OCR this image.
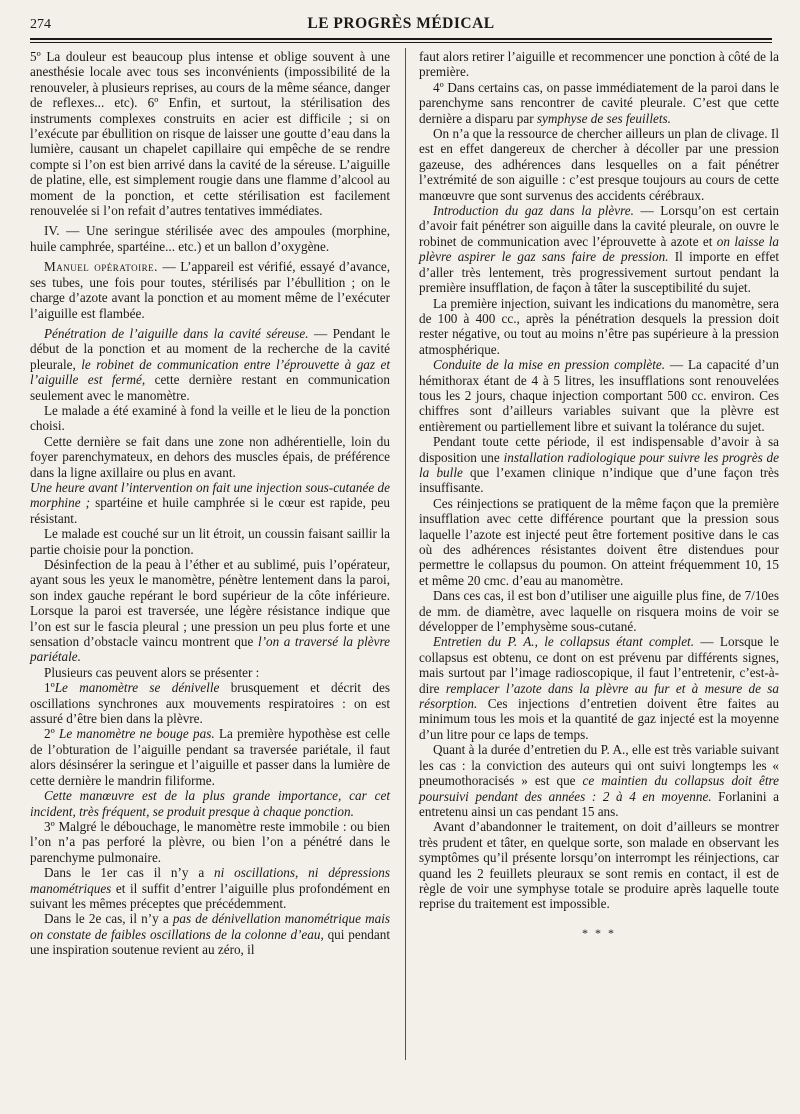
274	LE PROGRÈS MÉDICAL

5º La douleur est beaucoup plus intense et oblige souvent à une anesthésie locale avec tous ses inconvénients (impossibilité de la renouveler, à plusieurs reprises, au cours de la même séance, danger de reflexes... etc). 6º Enfin, et surtout, la stérilisation des instruments complexes construits en acier est difficile ; si on l’exécute par ébullition on risque de laisser une goutte d’eau dans la lumière, causant un chapelet capillaire qui empêche de se rendre compte si l’on est bien arrivé dans la cavité de la séreuse. L’aiguille de platine, elle, est simplement rougie dans une flamme d’alcool au moment de la ponction, et cette stérilisation est facilement renouvelée si l’on refait d’autres tentatives immédiates.

IV. — Une seringue stérilisée avec des ampoules (morphine, huile camphrée, spartéine... etc.) et un ballon d’oxygène.

Manuel opératoire. — L’appareil est vérifié, essayé d’avance, ses tubes, une fois pour toutes, stérilisés par l’ébullition ; on le charge d’azote avant la ponction et au moment même de l’exécuter l’aiguille est flambée.

Pénétration de l’aiguille dans la cavité séreuse. — Pendant le début de la ponction et au moment de la recherche de la cavité pleurale, le robinet de communication entre l’éprouvette à gaz et l’aiguille est fermé, cette dernière restant en communication seulement avec le manomètre.

Le malade a été examiné à fond la veille et le lieu de la ponction choisi.

Cette dernière se fait dans une zone non adhérentielle, loin du foyer parenchymateux, en dehors des muscles épais, de préférence dans la ligne axillaire ou plus en avant.

Une heure avant l’intervention on fait une injection sous-cutanée de morphine ; spartéine et huile camphrée si le cœur est rapide, peu résistant.

Le malade est couché sur un lit étroit, un coussin faisant saillir la partie choisie pour la ponction.

Désinfection de la peau à l’éther et au sublimé, puis l’opérateur, ayant sous les yeux le manomètre, pénètre lentement dans la paroi, son index gauche repérant le bord supérieur de la côte inférieure. Lorsque la paroi est traversée, une légère résistance indique que l’on est sur le fascia pleural ; une pression un peu plus forte et une sensation d’obstacle vaincu montrent que l’on a traversé la plèvre pariétale.

Plusieurs cas peuvent alors se présenter :

1ºLe manomètre se dénivelle brusquement et décrit des oscillations synchrones aux mouvements respiratoires : on est assuré d’être bien dans la plèvre.

2º Le manomètre ne bouge pas. La première hypothèse est celle de l’obturation de l’aiguille pendant sa traversée pariétale, il faut alors désinsérer la seringue et l’aiguille et passer dans la lumière de cette dernière le mandrin filiforme.

Cette manœuvre est de la plus grande importance, car cet incident, très fréquent, se produit presque à chaque ponction.

3º Malgré le débouchage, le manomètre reste immobile : ou bien l’on n’a pas perforé la plèvre, ou bien l’on a pénétré dans le parenchyme pulmonaire.

Dans le 1er cas il n’y a ni oscillations, ni dépressions manométriques et il suffit d’entrer l’aiguille plus profondément en suivant les mêmes préceptes que précédemment.

Dans le 2e cas, il n’y a pas de dénivellation manométrique mais on constate de faibles oscillations de la colonne d’eau, qui pendant une inspiration soutenue revient au zéro, il

faut alors retirer l’aiguille et recommencer une ponction à côté de la première.

4º Dans certains cas, on passe immédiatement de la paroi dans le parenchyme sans rencontrer de cavité pleurale. C’est que cette dernière a disparu par symphyse de ses feuillets.

On n’a que la ressource de chercher ailleurs un plan de clivage. Il est en effet dangereux de chercher à décoller par une pression gazeuse, des adhérences dans lesquelles on a fait pénétrer l’extrémité de son aiguille : c’est presque toujours au cours de cette manœuvre que sont survenus des accidents cérébraux.

Introduction du gaz dans la plèvre. — Lorsqu’on est certain d’avoir fait pénétrer son aiguille dans la cavité pleurale, on ouvre le robinet de communication avec l’éprouvette à azote et on laisse la plèvre aspirer le gaz sans faire de pression. Il importe en effet d’aller très lentement, très progressivement surtout pendant la première insufflation, de façon à tâter la susceptibilité du sujet.

La première injection, suivant les indications du manomètre, sera de 100 à 400 cc., après la pénétration desquels la pression doit rester négative, ou tout au moins n’être pas supérieure à la pression atmosphérique.

Conduite de la mise en pression complète. — La capacité d’un hémithorax étant de 4 à 5 litres, les insufflations sont renouvelées tous les 2 jours, chaque injection comportant 500 cc. environ. Ces chiffres sont d’ailleurs variables suivant que la plèvre est entièrement ou partiellement libre et suivant la tolérance du sujet.

Pendant toute cette période, il est indispensable d’avoir à sa disposition une installation radiologique pour suivre les progrès de la bulle que l’examen clinique n’indique que d’une façon très insuffisante.

Ces réinjections se pratiquent de la même façon que la première insufflation avec cette différence pourtant que la pression sous laquelle l’azote est injecté peut être fortement positive dans le cas où des adhérences résistantes doivent être distendues pour permettre le collapsus du poumon. On atteint fréquemment 10, 15 et même 20 cmc. d’eau au manomètre.

Dans ces cas, il est bon d’utiliser une aiguille plus fine, de 7/10es de mm. de diamètre, avec laquelle on risquera moins de voir se développer de l’emphysème sous-cutané.

Entretien du P. A., le collapsus étant complet. — Lorsque le collapsus est obtenu, ce dont on est prévenu par différents signes, mais surtout par l’image radioscopique, il faut l’entretenir, c’est-à-dire remplacer l’azote dans la plèvre au fur et à mesure de sa résorption. Ces injections d’entretien doivent être faites au minimum tous les mois et la quantité de gaz injecté est la moyenne d’un litre pour ce laps de temps.

Quant à la durée d’entretien du P. A., elle est très variable suivant les cas : la conviction des auteurs qui ont suivi longtemps les « pneumothoracisés » est que ce maintien du collapsus doit être poursuivi pendant des années : 2 à 4 en moyenne. Forlanini a entretenu ainsi un cas pendant 15 ans.

Avant d’abandonner le traitement, on doit d’ailleurs se montrer très prudent et tâter, en quelque sorte, son malade en observant les symptômes qu’il présente lorsqu’on interrompt les réinjections, car quand les 2 feuillets pleuraux se sont remis en contact, il est de règle de voir une symphyse totale se produire après laquelle toute reprise du traitement est impossible.

* * *
